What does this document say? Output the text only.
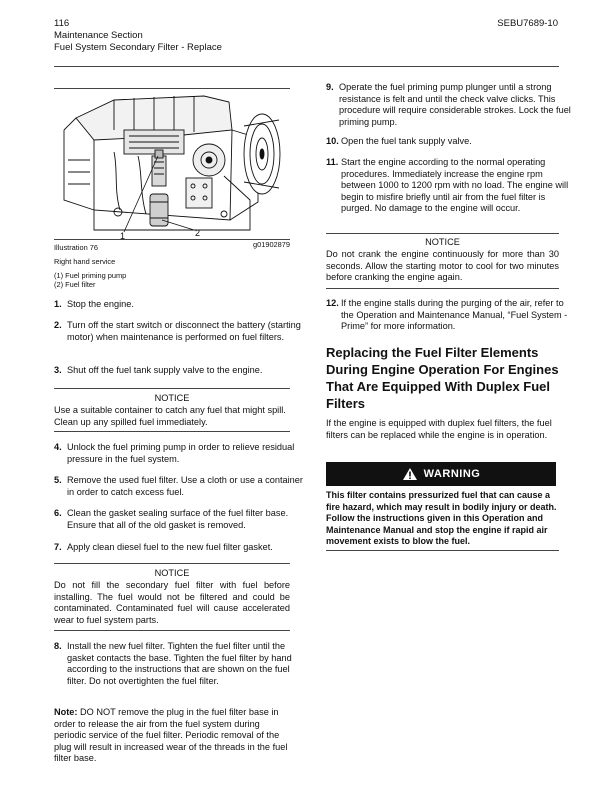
116	SEBU7689-10
Maintenance Section
Fuel System Secondary Filter - Replace
1	2
Illustration 76	g01902879
Right hand service
(1) Fuel priming pump
(2) Fuel filter
1. Stop the engine.
2. Turn off the start switch or disconnect the battery (starting motor) when maintenance is performed on fuel filters.
3. Shut off the fuel tank supply valve to the engine.
NOTICE
Use a suitable container to catch any fuel that might spill. Clean up any spilled fuel immediately.
4. Unlock the fuel priming pump in order to relieve residual pressure in the fuel system.
5. Remove the used fuel filter. Use a cloth or use a container in order to catch excess fuel.
6. Clean the gasket sealing surface of the fuel filter base. Ensure that all of the old gasket is removed.
7. Apply clean diesel fuel to the new fuel filter gasket.
NOTICE
Do not fill the secondary fuel filter with fuel before installing. The fuel would not be filtered and could be contaminated. Contaminated fuel will cause accelerated wear to fuel system parts.
8. Install the new fuel filter. Tighten the fuel filter until the gasket contacts the base. Tighten the fuel filter by hand according to the instructions that are shown on the fuel filter. Do not overtighten the fuel filter.
Note: DO NOT remove the plug in the fuel filter base in order to release the air from the fuel system during periodic service of the fuel filter. Periodic removal of the plug will result in increased wear of the threads in the fuel filter base.
9. Operate the fuel priming pump plunger until a strong resistance is felt and until the check valve clicks. This procedure will require considerable strokes. Lock the fuel priming pump.
10. Open the fuel tank supply valve.
11. Start the engine according to the normal operating procedures. Immediately increase the engine rpm between 1000 to 1200 rpm with no load. The engine will begin to misfire briefly until air from the fuel filter is purged. No damage to the engine will occur.
NOTICE
Do not crank the engine continuously for more than 30 seconds. Allow the starting motor to cool for two minutes before cranking the engine again.
12. If the engine stalls during the purging of the air, refer to the Operation and Maintenance Manual, “Fuel System - Prime” for more information.
Replacing the Fuel Filter Elements During Engine Operation For Engines That Are Equipped With Duplex Fuel Filters
If the engine is equipped with duplex fuel filters, the fuel filters can be replaced while the engine is in operation.
WARNING
This filter contains pressurized fuel that can cause a fire hazard, which may result in bodily injury or death. Follow the instructions given in this Operation and Maintenance Manual and stop the engine if rapid air movement exists to blow the fuel.
